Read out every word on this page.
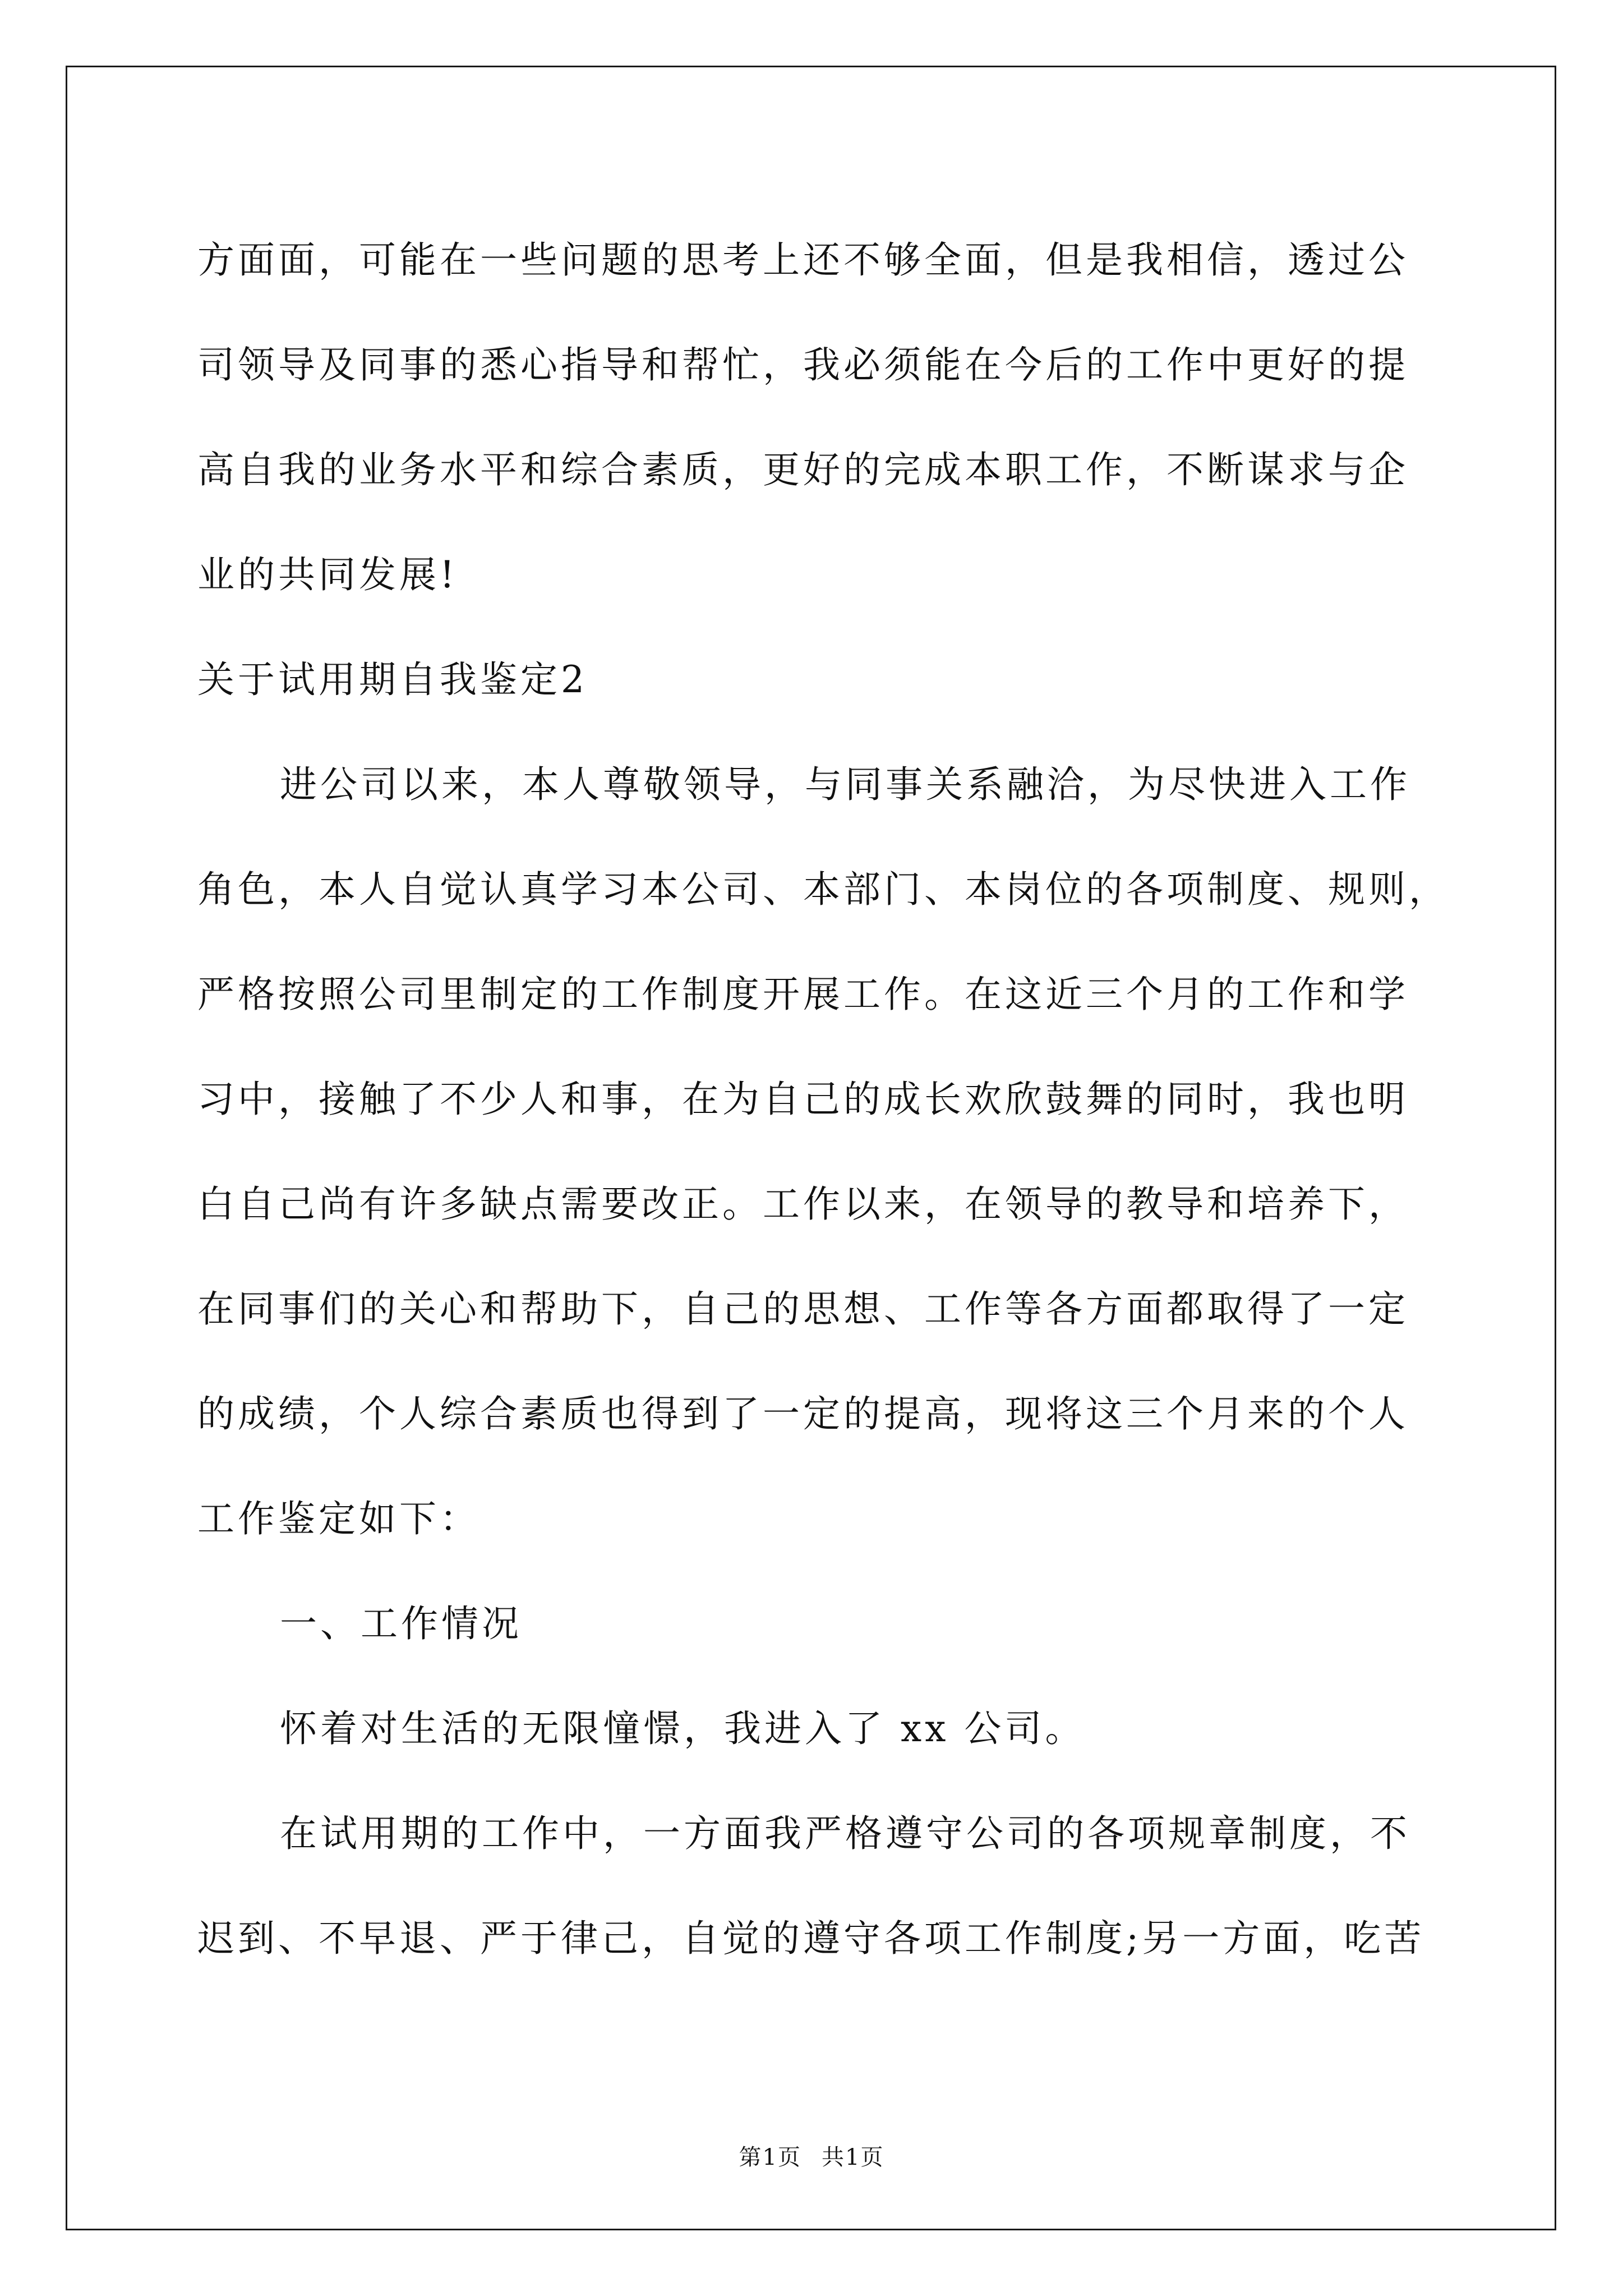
方面面，可能在一些问题的思考上还不够全面，但是我相信，透过公
司领导及同事的悉心指导和帮忙，我必须能在今后的工作中更好的提
高自我的业务水平和综合素质，更好的完成本职工作，不断谋求与企
业的共同发展!
关于试用期自我鉴定2
进公司以来，本人尊敬领导，与同事关系融洽，为尽快进入工作
角色，本人自觉认真学习本公司、本部门、本岗位的各项制度、规则，
严格按照公司里制定的工作制度开展工作。在这近三个月的工作和学
习中，接触了不少人和事，在为自己的成长欢欣鼓舞的同时，我也明
白自己尚有许多缺点需要改正。工作以来，在领导的教导和培养下，
在同事们的关心和帮助下，自己的思想、工作等各方面都取得了一定
的成绩，个人综合素质也得到了一定的提高，现将这三个月来的个人
工作鉴定如下：
一、工作情况
怀着对生活的无限憧憬，我进入了 xx 公司。
在试用期的工作中，一方面我严格遵守公司的各项规章制度，不
迟到、不早退、严于律己，自觉的遵守各项工作制度;另一方面，吃苦
第1页 共1页
